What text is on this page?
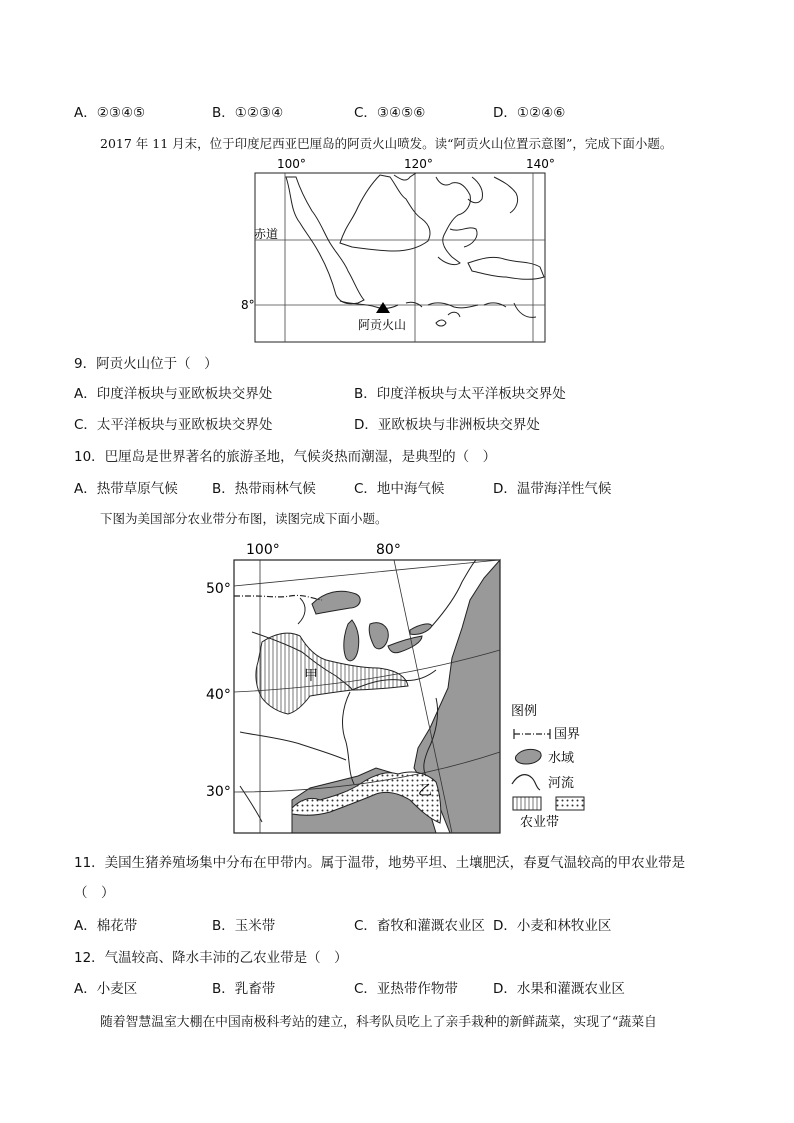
A．②③④⑤	B．①②③④	C．③④⑤⑥	D．①②④⑥
2017 年 11 月末，位于印度尼西亚巴厘岛的阿贡火山喷发。读“阿贡火山位置示意图”，完成下面小题。
100°	120°	140°
赤道
8°
阿贡火山
9．阿贡火山位于（　）
A．印度洋板块与亚欧板块交界处	B．印度洋板块与太平洋板块交界处
C．太平洋板块与亚欧板块交界处	D．亚欧板块与非洲板块交界处
10．巴厘岛是世界著名的旅游圣地，气候炎热而潮湿，是典型的（　）
A．热带草原气候	B．热带雨林气候	C．地中海气候	D．温带海洋性气候
下图为美国部分农业带分布图，读图完成下面小题。
100°	80°
50°
40°
30°
甲
乙
图例
国界
水域
河流
农业带
11．美国生猪养殖场集中分布在甲带内。属于温带，地势平坦、土壤肥沃，春夏气温较高的甲农业带是
（　）
A．棉花带	B．玉米带	C．畜牧和灌溉农业区 D．小麦和林牧业区
12．气温较高、降水丰沛的乙农业带是（　）
A．小麦区	B．乳畜带	C．亚热带作物带	D．水果和灌溉农业区
随着智慧温室大棚在中国南极科考站的建立，科考队员吃上了亲手栽种的新鲜蔬菜，实现了“蔬菜自
